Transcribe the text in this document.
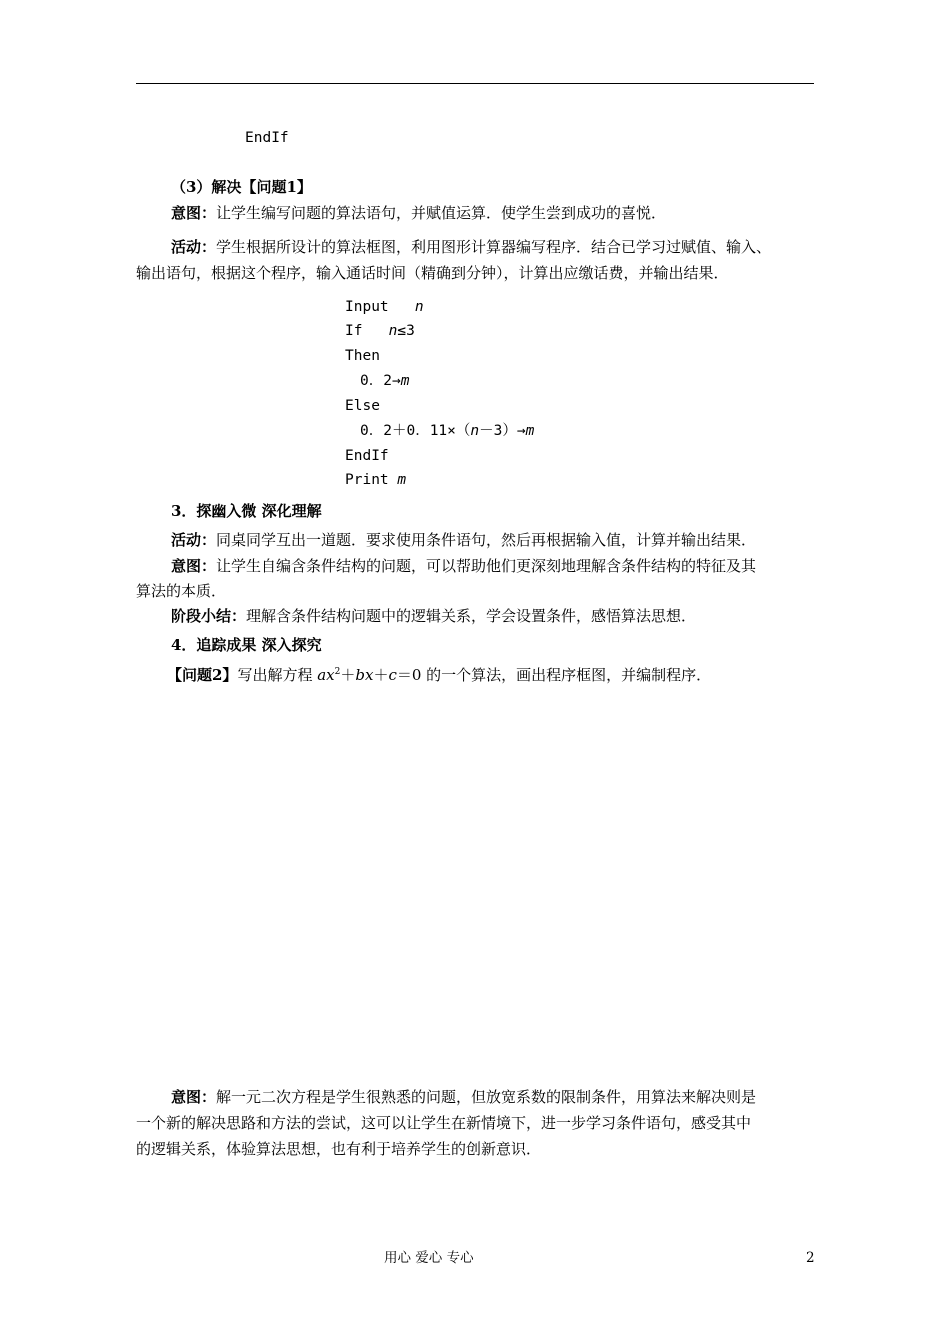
EndIf
（3）解决【问题1】
意图：让学生编写问题的算法语句，并赋值运算．使学生尝到成功的喜悦．
活动：学生根据所设计的算法框图，利用图形计算器编写程序．结合已学习过赋值、输入、
输出语句，根据这个程序，输入通话时间（精确到分钟），计算出应缴话费，并输出结果．
Input n
If n≤3
Then
0．2→m
Else
0．2＋0．11×（n－3）→m
EndIf
Print m
3．探幽入微 深化理解
活动：同桌同学互出一道题．要求使用条件语句，然后再根据输入值，计算并输出结果．
意图：让学生自编含条件结构的问题，可以帮助他们更深刻地理解含条件结构的特征及其
算法的本质．
阶段小结：理解含条件结构问题中的逻辑关系，学会设置条件，感悟算法思想．
4．追踪成果 深入探究
【问题2】写出解方程 $ax^2+bx+c=0$ 的一个算法，画出程序框图，并编制程序．
意图：解一元二次方程是学生很熟悉的问题，但放宽系数的限制条件，用算法来解决则是
一个新的解决思路和方法的尝试，这可以让学生在新情境下，进一步学习条件语句，感受其中
的逻辑关系，体验算法思想，也有利于培养学生的创新意识．
用心 爱心 专心	2
